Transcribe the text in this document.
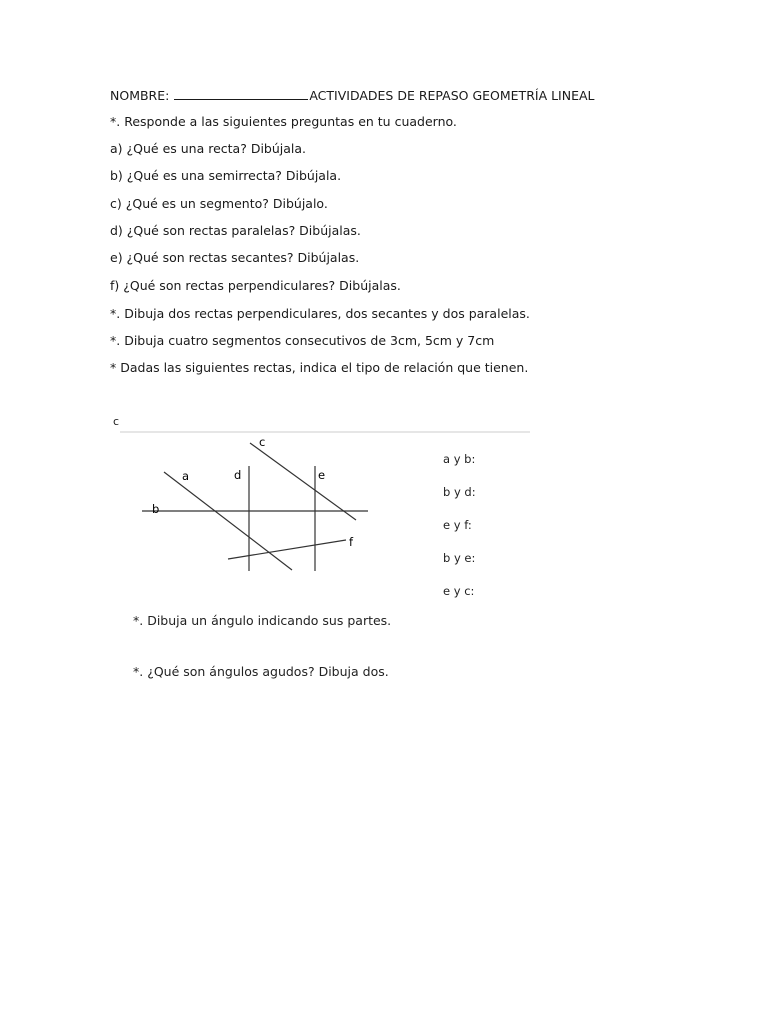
NOMBRE:	ACTIVIDADES DE REPASO GEOMETRÍA LINEAL
*. Responde a las siguientes preguntas en tu cuaderno.
a) ¿Qué es una recta? Dibújala.
b) ¿Qué es una semirrecta? Dibújala.
c) ¿Qué es un segmento? Dibújalo.
d) ¿Qué son rectas paralelas? Dibújalas.
e) ¿Qué son rectas secantes? Dibújalas.
f) ¿Qué son rectas perpendiculares? Dibújalas.
*. Dibuja dos rectas perpendiculares, dos secantes y dos paralelas.
*. Dibuja cuatro segmentos consecutivos de 3cm, 5cm y 7cm
* Dadas las siguientes rectas, indica el tipo de relación que tienen.
c
a
b
c
d	e
f
a y b:
b y d:
e y f:
b y e:
e y c:
*. Dibuja un ángulo indicando sus partes.
*. ¿Qué son ángulos agudos? Dibuja dos.
